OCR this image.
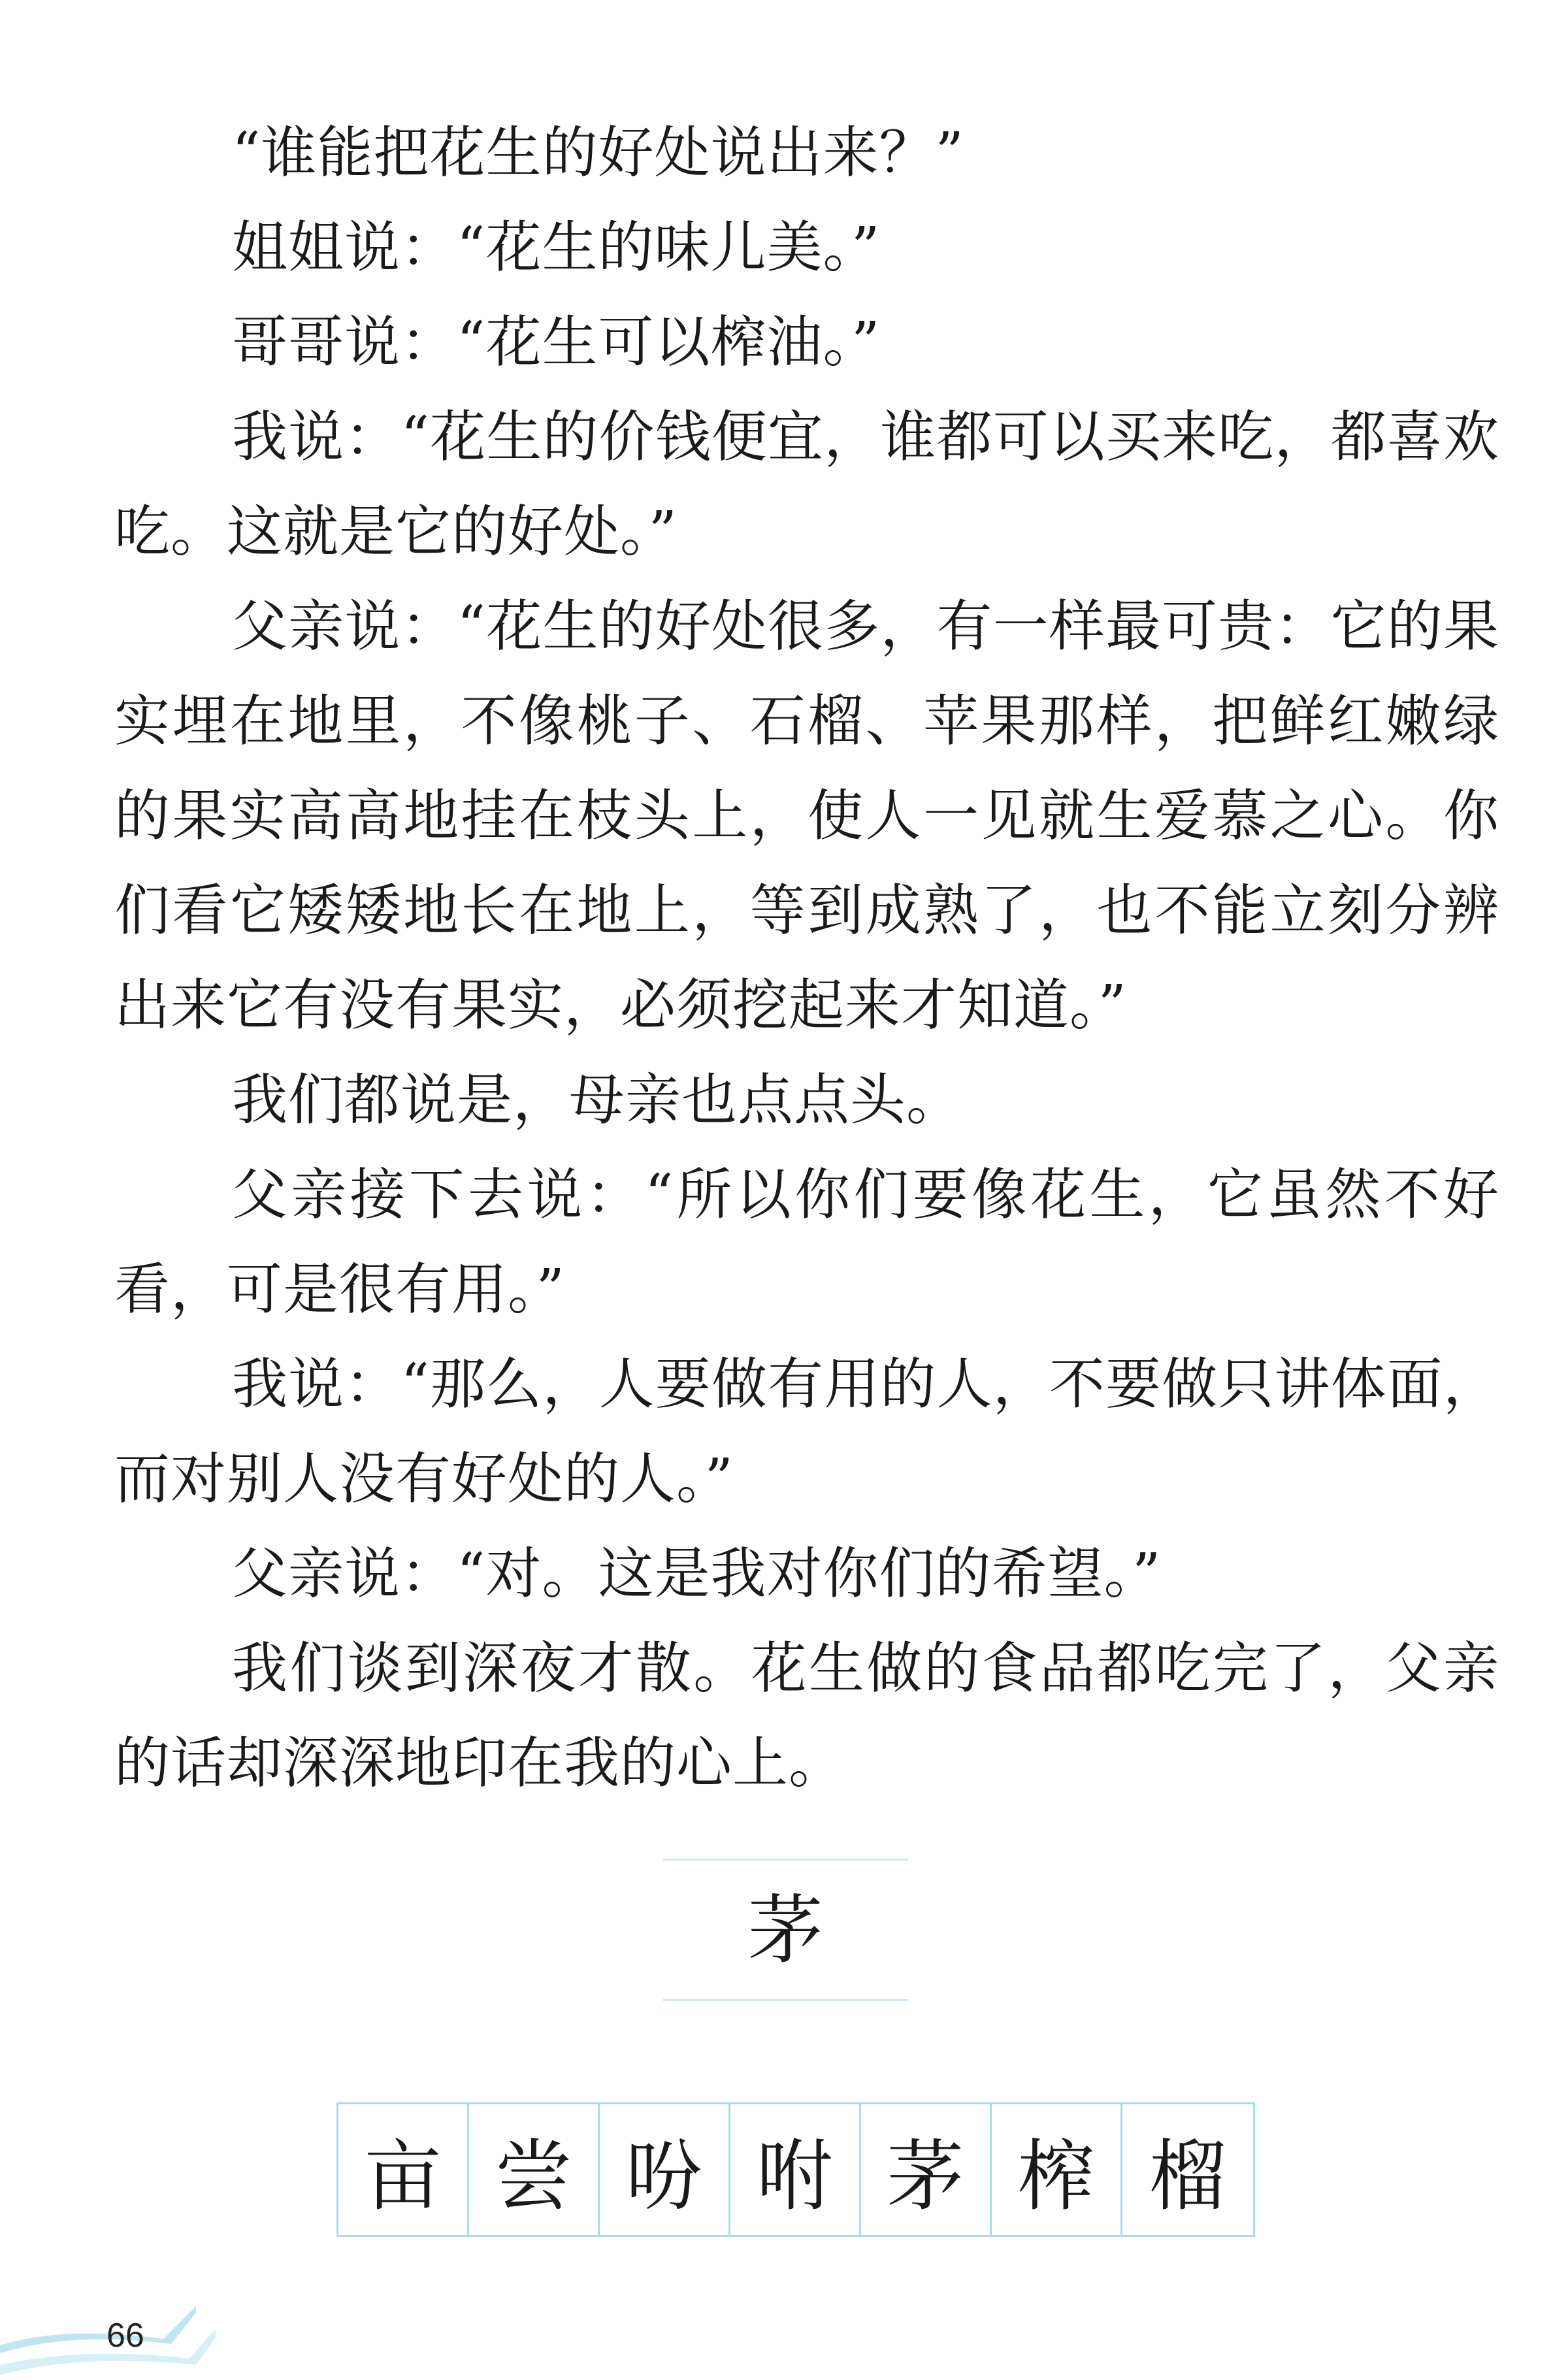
“谁能把花生的好处说出来？”

姐姐说：“花生的味儿美。”

哥哥说：“花生可以榨油。”

我说：“花生的价钱便宜，谁都可以买来吃，都喜欢吃。这就是它的好处。”

父亲说：“花生的好处很多，有一样最可贵：它的果实埋在地里，不像桃子、石榴、苹果那样，把鲜红嫩绿的果实高高地挂在枝头上，使人一见就生爱慕之心。你们看它矮矮地长在地上，等到成熟了，也不能立刻分辨出来它有没有果实，必须挖起来才知道。”

我们都说是，母亲也点点头。

父亲接下去说：“所以你们要像花生，它虽然不好看，可是很有用。”

我说：“那么，人要做有用的人，不要做只讲体面，而对别人没有好处的人。”

父亲说：“对。这是我对你们的希望。”

我们谈到深夜才散。花生做的食品都吃完了，父亲的话却深深地印在我的心上。

茅
亩 尝 吩 咐 茅 榨 榴
66
